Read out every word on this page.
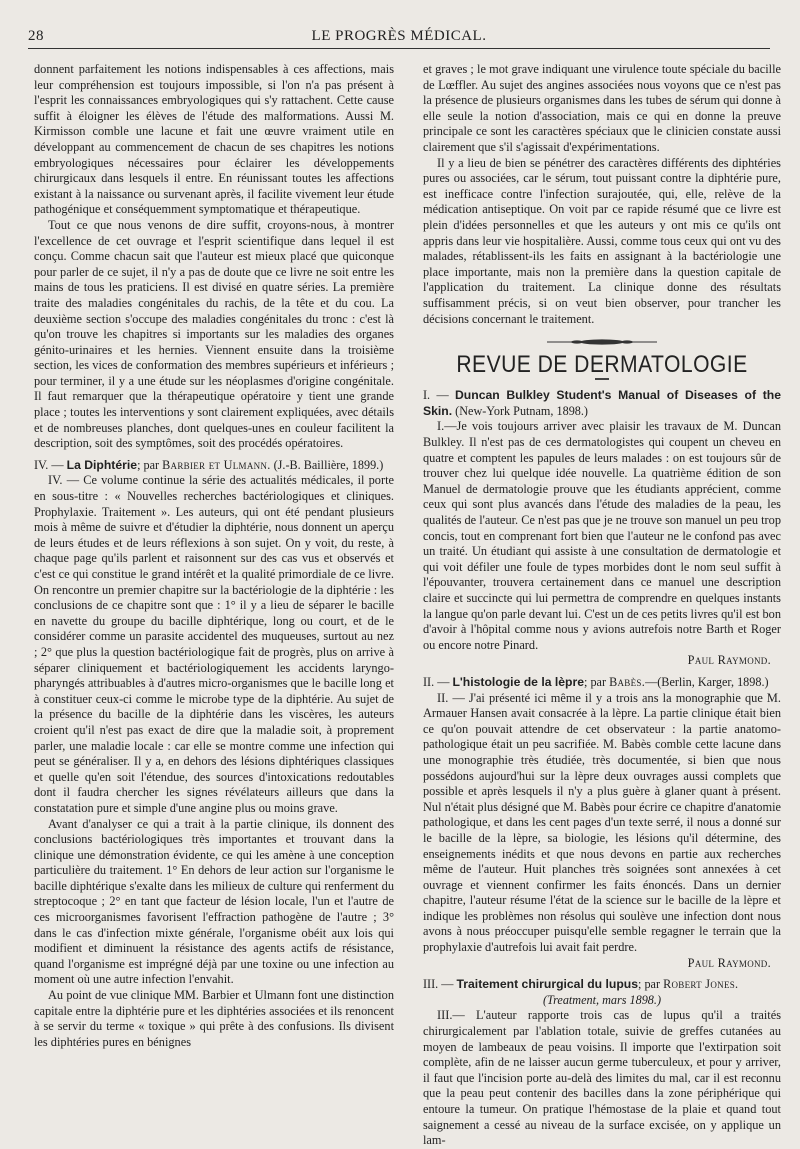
28	LE PROGRÈS MÉDICAL.

donnent parfaitement les notions indispensables à ces affections, mais leur compréhension est toujours impossible, si l'on n'a pas présent à l'esprit les connaissances embryologiques qui s'y rattachent. Cette cause suffit à éloigner les élèves de l'étude des malformations. Aussi M. Kirmisson comble une lacune et fait une œuvre vraiment utile en développant au commencement de chacun de ses chapitres les notions embryologiques nécessaires pour éclairer les développements chirurgicaux dans lesquels il entre. En réunissant toutes les affections existant à la naissance ou survenant après, il facilite vivement leur étude pathogénique et conséquemment symptomatique et thérapeutique.

Tout ce que nous venons de dire suffit, croyons-nous, à montrer l'excellence de cet ouvrage et l'esprit scientifique dans lequel il est conçu. Comme chacun sait que l'auteur est mieux placé que quiconque pour parler de ce sujet, il n'y a pas de doute que ce livre ne soit entre les mains de tous les praticiens. Il est divisé en quatre séries. La première traite des maladies congénitales du rachis, de la tête et du cou. La deuxième section s'occupe des maladies congénitales du tronc : c'est là qu'on trouve les chapitres si importants sur les maladies des organes génito-urinaires et les hernies. Viennent ensuite dans la troisième section, les vices de conformation des membres supérieurs et inférieurs ; pour terminer, il y a une étude sur les néoplasmes d'origine congénitale. Il faut remarquer que la thérapeutique opératoire y tient une grande place ; toutes les interventions y sont clairement expliquées, avec détails et de nombreuses planches, dont quelques-unes en couleur facilitent la description, soit des symptômes, soit des procédés opératoires.

IV. — La Diphtérie; par Barbier et Ulmann. (J.-B. Baillière, 1899.)

IV. — Ce volume continue la série des actualités médicales, il porte en sous-titre : « Nouvelles recherches bactériologiques et cliniques. Prophylaxie. Traitement ». Les auteurs, qui ont été pendant plusieurs mois à même de suivre et d'étudier la diphtérie, nous donnent un aperçu de leurs études et de leurs réflexions à son sujet. On y voit, du reste, à chaque page qu'ils parlent et raisonnent sur des cas vus et observés et c'est ce qui constitue le grand intérêt et la qualité primordiale de ce livre. On rencontre un premier chapitre sur la bactériologie de la diphtérie : les conclusions de ce chapitre sont que : 1° il y a lieu de séparer le bacille en navette du groupe du bacille diphtérique, long ou court, et de le considérer comme un parasite accidentel des muqueuses, surtout au nez ; 2° que plus la question bactériologique fait de progrès, plus on arrive à séparer cliniquement et bactériologiquement les accidents laryngo-pharyngés attribuables à d'autres micro-organismes que le bacille long et à constituer ceux-ci comme le microbe type de la diphtérie. Au sujet de la présence du bacille de la diphtérie dans les viscères, les auteurs croient qu'il n'est pas exact de dire que la maladie soit, à proprement parler, une maladie locale : car elle se montre comme une infection qui peut se généraliser. Il y a, en dehors des lésions diphtériques classiques et quelle qu'en soit l'étendue, des sources d'intoxications redoutables dont il faudra chercher les signes révélateurs ailleurs que dans la constatation pure et simple d'une angine plus ou moins grave.

Avant d'analyser ce qui a trait à la partie clinique, ils donnent des conclusions bactériologiques très importantes et trouvant dans la clinique une démonstration évidente, ce qui les amène à une conception particulière du traitement. 1° En dehors de leur action sur l'organisme le bacille diphtérique s'exalte dans les milieux de culture qui renferment du streptocoque ; 2° en tant que facteur de lésion locale, l'un et l'autre de ces microorganismes favorisent l'effraction pathogène de l'autre ; 3° dans le cas d'infection mixte générale, l'organisme obéit aux lois qui modifient et diminuent la résistance des agents actifs de résistance, quand l'organisme est imprégné déjà par une toxine ou une infection au moment où une autre infection l'envahit.

Au point de vue clinique MM. Barbier et Ulmann font une distinction capitale entre la diphtérie pure et les diphtéries associées et ils renoncent à se servir du terme « toxique » qui prête à des confusions. Ils divisent les diphtéries pures en bénignes

et graves ; le mot grave indiquant une virulence toute spéciale du bacille de Lœffler. Au sujet des angines associées nous voyons que ce n'est pas la présence de plusieurs organismes dans les tubes de sérum qui donne à elle seule la notion d'association, mais ce qui en donne la preuve principale ce sont les caractères spéciaux que le clinicien constate aussi clairement que s'il s'agissait d'expérimentations.

Il y a lieu de bien se pénétrer des caractères différents des diphtéries pures ou associées, car le sérum, tout puissant contre la diphtérie pure, est inefficace contre l'infection surajoutée, qui, elle, relève de la médication antiseptique. On voit par ce rapide résumé que ce livre est plein d'idées personnelles et que les auteurs y ont mis ce qu'ils ont appris dans leur vie hospitalière. Aussi, comme tous ceux qui ont vu des malades, rétablissent-ils les faits en assignant à la bactériologie une place importante, mais non la première dans la question capitale de l'application du traitement. La clinique donne des résultats suffisamment précis, si on veut bien observer, pour trancher les décisions concernant le traitement.

REVUE DE DERMATOLOGIE
I. — Duncan Bulkley Student's Manual of Diseases of the Skin. (New-York Putnam, 1898.)

I.—Je vois toujours arriver avec plaisir les travaux de M. Duncan Bulkley. Il n'est pas de ces dermatologistes qui coupent un cheveu en quatre et comptent les papules de leurs malades : on est toujours sûr de trouver chez lui quelque idée nouvelle. La quatrième édition de son Manuel de dermatologie prouve que les étudiants apprécient, comme ceux qui sont plus avancés dans l'étude des maladies de la peau, les qualités de l'auteur. Ce n'est pas que je ne trouve son manuel un peu trop concis, tout en comprenant fort bien que l'auteur ne le confond pas avec un traité. Un étudiant qui assiste à une consultation de dermatologie et qui voit défiler une foule de types morbides dont le nom seul suffit à l'épouvanter, trouvera certainement dans ce manuel une description claire et succincte qui lui permettra de comprendre en quelques instants la langue qu'on parle devant lui. C'est un de ces petits livres qu'il est bon d'avoir à l'hôpital comme nous y avions autrefois notre Barth et Roger ou encore notre Pinard.

Paul Raymond.
II. — L'histologie de la lèpre; par Babès.—(Berlin, Karger, 1898.)

II. — J'ai présenté ici même il y a trois ans la monographie que M. Armauer Hansen avait consacrée à la lèpre. La partie clinique était bien ce qu'on pouvait attendre de cet observateur : la partie anatomo-pathologique était un peu sacrifiée. M. Babès comble cette lacune dans une monographie très étudiée, très documentée, si bien que nous possédons aujourd'hui sur la lèpre deux ouvrages aussi complets que possible et après lesquels il n'y a plus guère à glaner quant à présent. Nul n'était plus désigné que M. Babès pour écrire ce chapitre d'anatomie pathologique, et dans les cent pages d'un texte serré, il nous a donné sur le bacille de la lèpre, sa biologie, les lésions qu'il détermine, des enseignements inédits et que nous devons en partie aux recherches même de l'auteur. Huit planches très soignées sont annexées à cet ouvrage et viennent confirmer les faits énoncés. Dans un dernier chapitre, l'auteur résume l'état de la science sur le bacille de la lèpre et indique les problèmes non résolus qui soulève une infection dont nous avons à nous préoccuper puisqu'elle semble regagner le terrain que la prophylaxie d'autrefois lui avait fait perdre.

Paul Raymond.
III. — Traitement chirurgical du lupus; par Robert Jones.
(Treatment, mars 1898.)

III.— L'auteur rapporte trois cas de lupus qu'il a traités chirurgicalement par l'ablation totale, suivie de greffes cutanées au moyen de lambeaux de peau voisins. Il importe que l'extirpation soit complète, afin de ne laisser aucun germe tuberculeux, et pour y arriver, il faut que l'incision porte au-delà des limites du mal, car il est reconnu que la peau peut contenir des bacilles dans la zone périphérique qui entoure la tumeur. On pratique l'hémostase de la plaie et quand tout saignement a cessé au niveau de la surface excisée, on y applique un lam-
